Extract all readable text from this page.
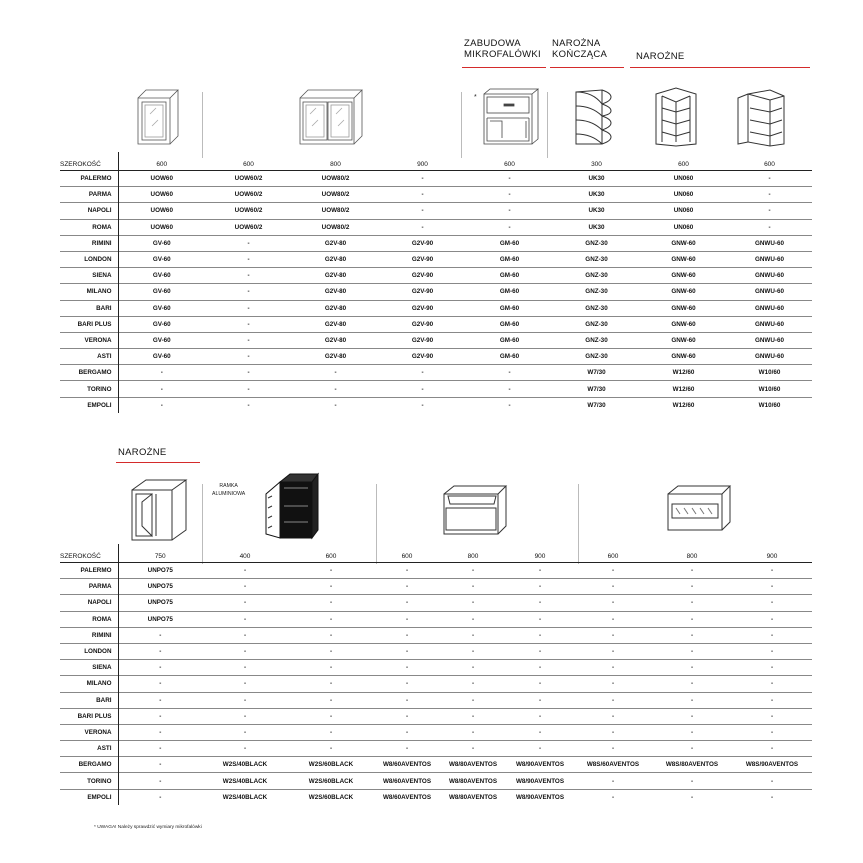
ZABUDOWA
MIKROFALÓWKI
NAROŻNA
KOŃCZĄCA	NAROŻNE
*
SZEROKOŚĆ	600	600	800	900	600	300	600	600
PALERMO	UOW60	UOW60/2	UOW80/2	-	-	UK30	UN060	-
PARMA	UOW60	UOW60/2	UOW80/2	-	-	UK30	UN060	-
NAPOLI	UOW60	UOW60/2	UOW80/2	-	-	UK30	UN060	-
ROMA	UOW60	UOW60/2	UOW80/2	-	-	UK30	UN060	-
RIMINI	GV-60	-	G2V-80	G2V-90	GM-60	GNZ-30	GNW-60	GNWU-60
LONDON	GV-60	-	G2V-80	G2V-90	GM-60	GNZ-30	GNW-60	GNWU-60
SIENA	GV-60	-	G2V-80	G2V-90	GM-60	GNZ-30	GNW-60	GNWU-60
MILANO	GV-60	-	G2V-80	G2V-90	GM-60	GNZ-30	GNW-60	GNWU-60
BARI	GV-60	-	G2V-80	G2V-90	GM-60	GNZ-30	GNW-60	GNWU-60
BARI PLUS	GV-60	-	G2V-80	G2V-90	GM-60	GNZ-30	GNW-60	GNWU-60
VERONA	GV-60	-	G2V-80	G2V-90	GM-60	GNZ-30	GNW-60	GNWU-60
ASTI	GV-60	-	G2V-80	G2V-90	GM-60	GNZ-30	GNW-60	GNWU-60
BERGAMO	-	-	-	-	-	W7/30	W12/60	W10/60
TORINO	-	-	-	-	-	W7/30	W12/60	W10/60
EMPOLI	-	-	-	-	-	W7/30	W12/60	W10/60
NAROŻNE
RAMKA
ALUMINIOWA
SZEROKOŚĆ	750	400	600	600	800	900	600	800	900
PALERMO	UNPO75	-	-	-	-	-	-	-	-
PARMA	UNPO75	-	-	-	-	-	-	-	-
NAPOLI	UNPO75	-	-	-	-	-	-	-	-
ROMA	UNPO75	-	-	-	-	-	-	-	-
RIMINI	-	-	-	-	-	-	-	-	-
LONDON	-	-	-	-	-	-	-	-	-
SIENA	-	-	-	-	-	-	-	-	-
MILANO	-	-	-	-	-	-	-	-	-
BARI	-	-	-	-	-	-	-	-	-
BARI PLUS	-	-	-	-	-	-	-	-	-
VERONA	-	-	-	-	-	-	-	-	-
ASTI	-	-	-	-	-	-	-	-	-
BERGAMO	-	W2S/40BLACK	W2S/60BLACK	W8/60AVENTOS	W8/80AVENTOS	W8/90AVENTOS	W8S/60AVENTOS	W8S/80AVENTOS	W8S/90AVENTOS
TORINO	-	W2S/40BLACK	W2S/60BLACK	W8/60AVENTOS	W8/80AVENTOS	W8/90AVENTOS	-	-	-
EMPOLI	-	W2S/40BLACK	W2S/60BLACK	W8/60AVENTOS	W8/80AVENTOS	W8/90AVENTOS	-	-	-
* UWAGA! Należy sprawdzić wymiary mikrofalówki
